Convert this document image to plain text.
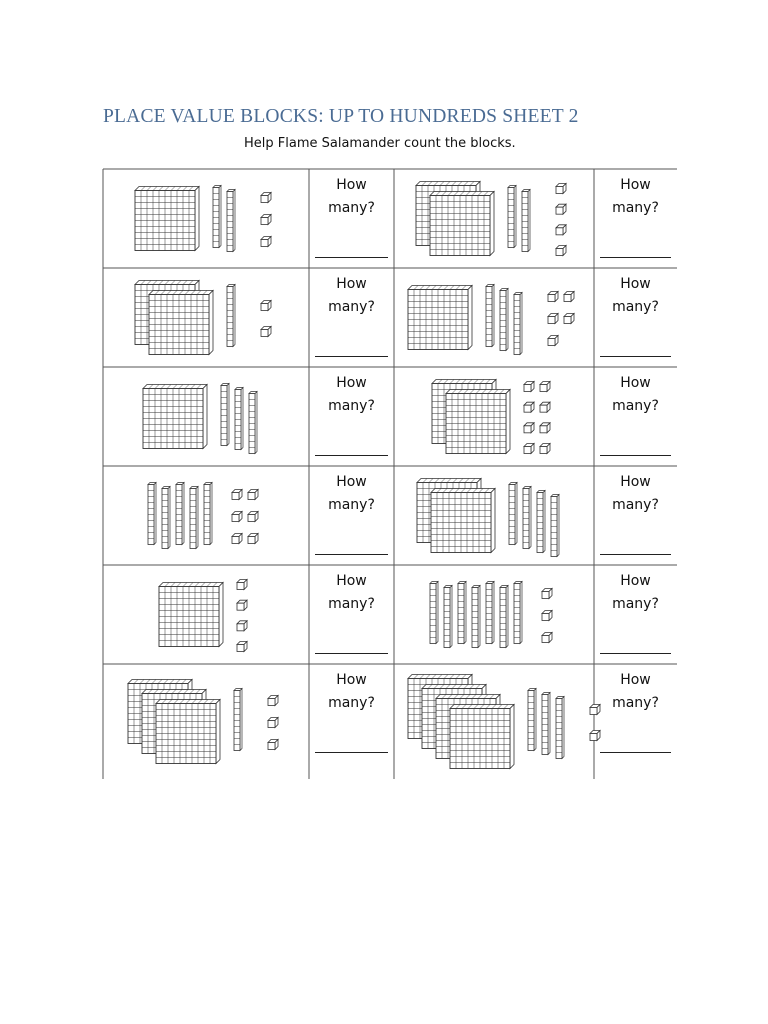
PLACE VALUE BLOCKS: UP TO HUNDREDS SHEET 2

Help Flame Salamander count the blocks.

How
many?
How
many?
How
many?
How
many?
How
many?
How
many?
How
many?
How
many?
How
many?
How
many?
How
many?
How
many?
